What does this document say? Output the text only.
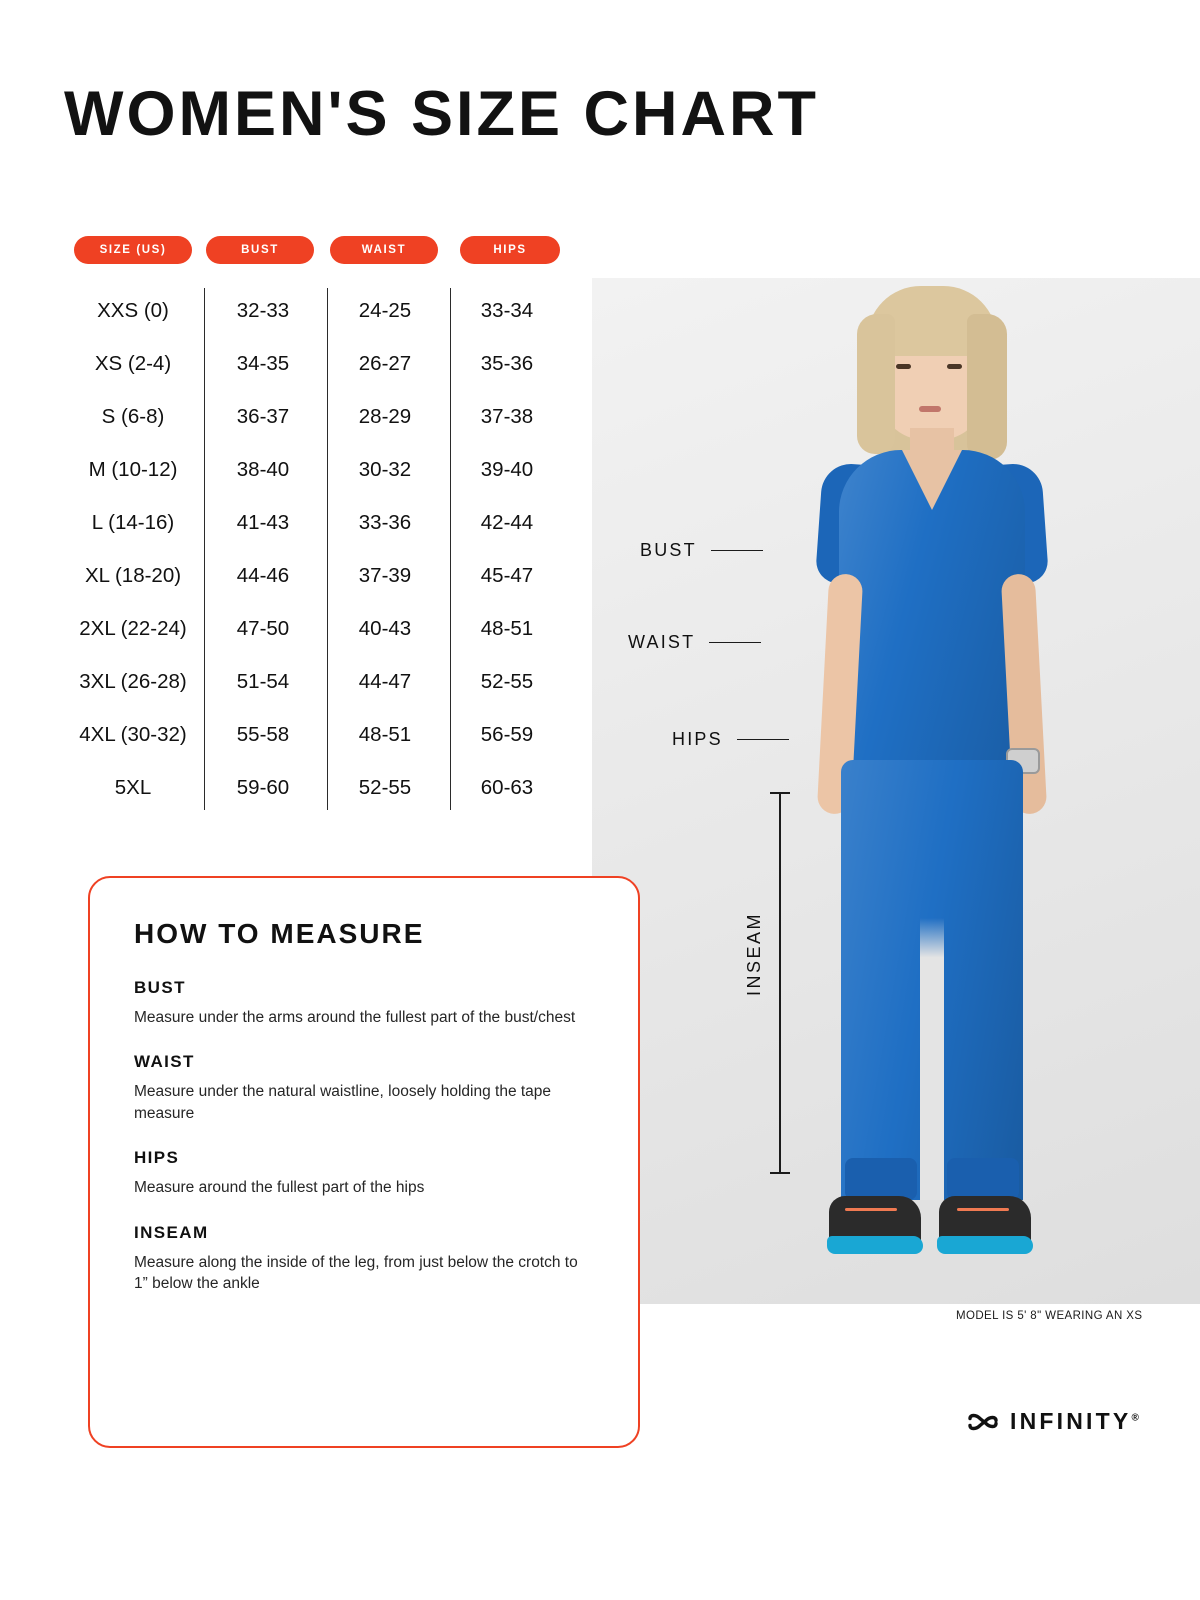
WOMEN'S SIZE CHART
SIZE (US)	BUST	WAIST	HIPS
XXS (0)	32-33	24-25	33-34
XS (2-4)	34-35	26-27	35-36
S (6-8)	36-37	28-29	37-38
M (10-12)	38-40	30-32	39-40
L (14-16)	41-43	33-36	42-44
XL (18-20)	44-46	37-39	45-47
2XL (22-24)	47-50	40-43	48-51
3XL (26-28)	51-54	44-47	52-55
4XL (30-32)	55-58	48-51	56-59
5XL	59-60	52-55	60-63
BUST
WAIST
HIPS
INSEAM
MODEL IS 5' 8" WEARING AN XS
HOW TO MEASURE
BUST
Measure under the arms around the fullest part of the bust/chest
WAIST
Measure under the natural waistline, loosely holding the tape measure
HIPS
Measure around the fullest part of the hips
INSEAM
Measure along the inside of the leg, from just below the crotch to 1” below the ankle
INFINITY®
